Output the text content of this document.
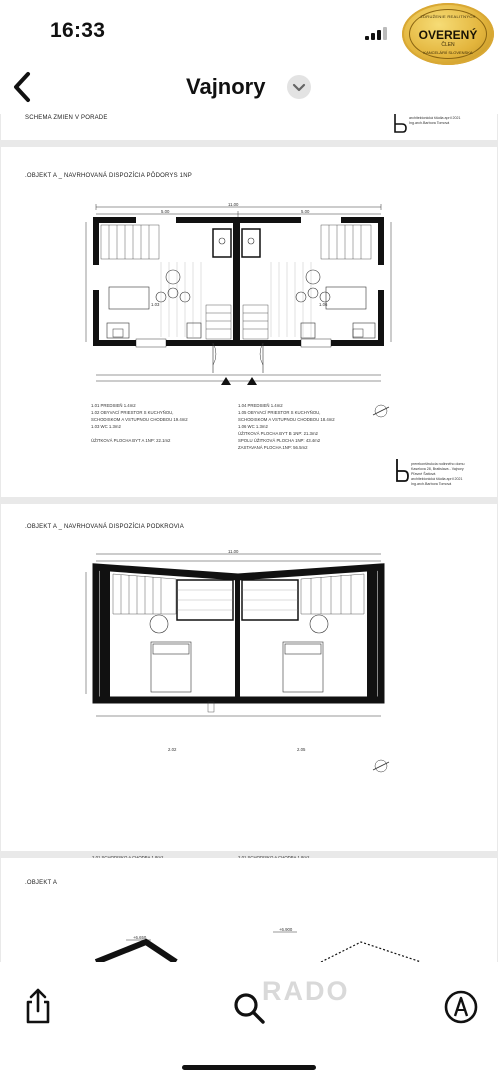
16:33
ZDRUŽENIE REALITNÝCH
OVERENÝ
ČLEN
KANCELÁRIÍ SLOVENSKA
Vajnory
SCHEMA ZMIEN V PORADE	architektonická štúdia apríl 2021
Ing.arch.Barbora Tomová
.OBJEKT A _ NAVRHOVANÁ DISPOZÍCIA PÔDORYS 1NP
11.00
5.00	5.00
1.03	1.06
1.01 PREDSIEŇ 1.4m2
1.02 OBYVACÍ PRIESTOR S KUCHYŇOU,
SCHODISKOM A VSTUPNOU CHODBOU 19.4m2
1.03 WC 1.3m2

ÚŽITKOVÁ PLOCHA BYT A 1NP: 22.1m2
1.04 PREDSIEŇ 1.4m2
1.05 OBYVACÍ PRIESTOR S KUCHYŇOU,
SCHODISKOM A VSTUPNOU CHODBOU 18.4m2
1.06 WC 1.3m2
ÚŽITKOVÁ PLOCHA BYT B 1NP: 21.3m2
SPOLU ÚŽITKOVÁ PLOCHA 1NP: 43.4m2
ZASTAVANÁ PLOCHA 1NP: 56.5m2
prerekonštrukcia rodinného domu
Kaselova 28, Bratislava - Vajnory
Pľavné Šattová
architektonická štúdia apríl 2021
Ing.arch.Barbora Tomová
.OBJEKT A _ NAVRHOVANÁ DISPOZÍCIA PODKROVIA
11.00
2.02	2.05

.OBJEKT A
+6.650
+6.900
RADO
